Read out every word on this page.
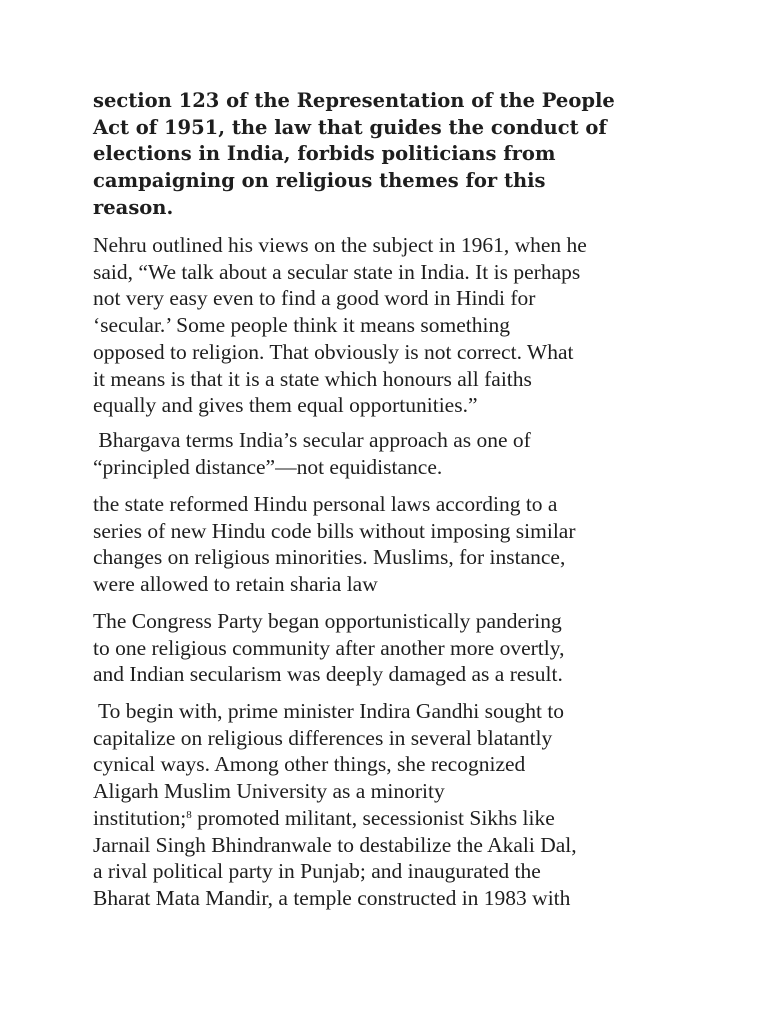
section 123 of the Representation of the People
Act of 1951, the law that guides the conduct of
elections in India, forbids politicians from
campaigning on religious themes for this
reason.

Nehru outlined his views on the subject in 1961, when he
said, “We talk about a secular state in India. It is perhaps
not very easy even to find a good word in Hindi for
‘secular.’ Some people think it means something
opposed to religion. That obviously is not correct. What
it means is that it is a state which honours all faiths
equally and gives them equal opportunities.”

Bhargava terms India’s secular approach as one of
“principled distance”—not equidistance.

the state reformed Hindu personal laws according to a
series of new Hindu code bills without imposing similar
changes on religious minorities. Muslims, for instance,
were allowed to retain sharia law

The Congress Party began opportunistically pandering
to one religious community after another more overtly,
and Indian secularism was deeply damaged as a result.

To begin with, prime minister Indira Gandhi sought to
capitalize on religious differences in several blatantly
cynical ways. Among other things, she recognized
Aligarh Muslim University as a minority
institution;$^8$ promoted militant, secessionist Sikhs like
Jarnail Singh Bhindranwale to destabilize the Akali Dal,
a rival political party in Punjab; and inaugurated the
Bharat Mata Mandir, a temple constructed in 1983 with
